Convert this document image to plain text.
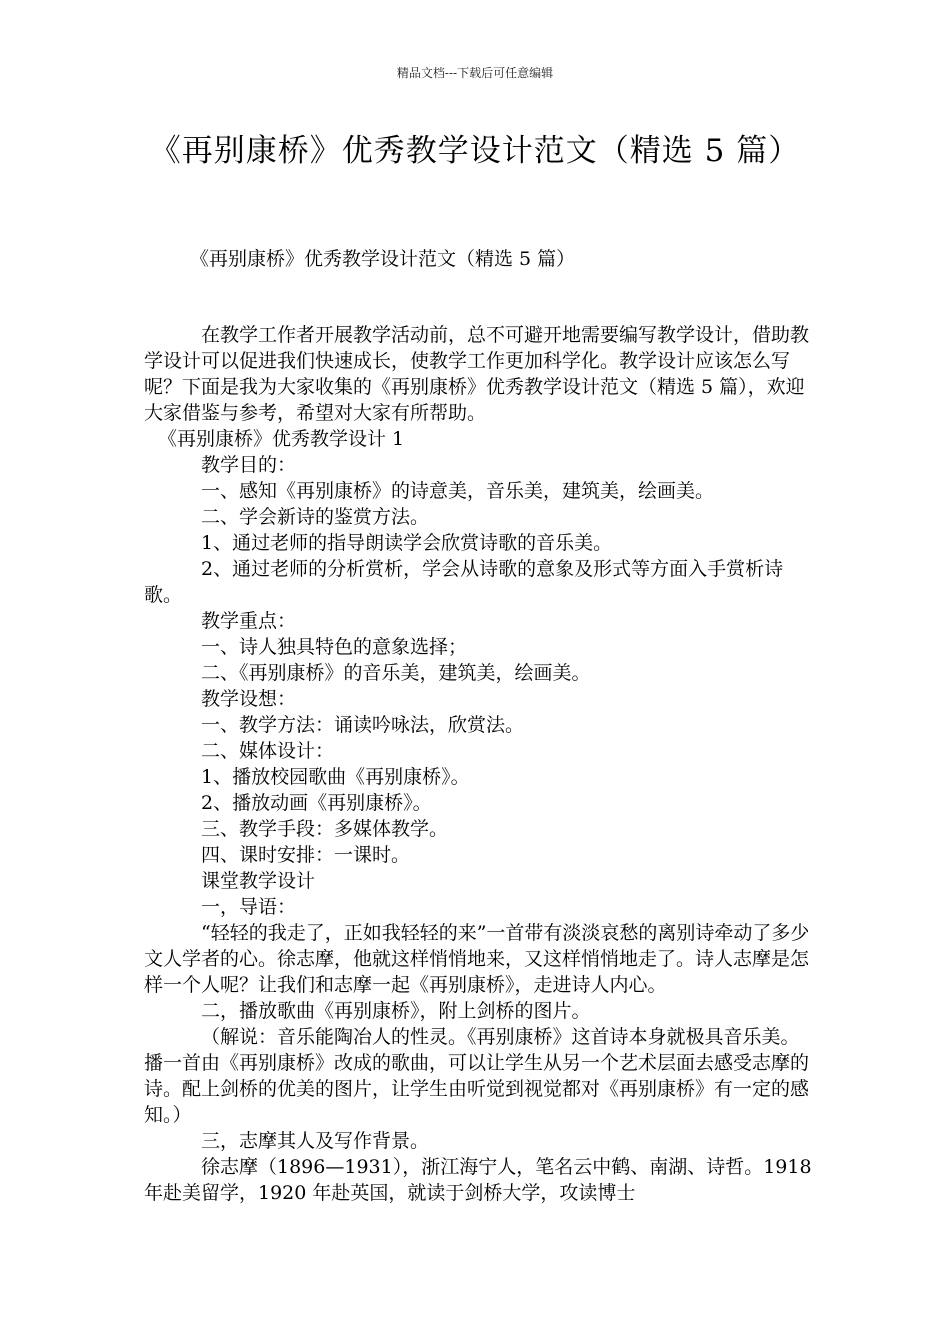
精品文档---下载后可任意编辑
《再别康桥》优秀教学设计范文（精选 5 篇）

《再别康桥》优秀教学设计范文（精选 5 篇）

在教学工作者开展教学活动前，总不可避开地需要编写教学设计，借助教学设计可以促进我们快速成长，使教学工作更加科学化。教学设计应该怎么写呢？下面是我为大家收集的《再别康桥》优秀教学设计范文（精选 5 篇），欢迎大家借鉴与参考，希望对大家有所帮助。

《再别康桥》优秀教学设计 1

教学目的：

一、感知《再别康桥》的诗意美，音乐美，建筑美，绘画美。

二、学会新诗的鉴赏方法。

1、通过老师的指导朗读学会欣赏诗歌的音乐美。

2、通过老师的分析赏析，学会从诗歌的意象及形式等方面入手赏析诗歌。

教学重点：

一、诗人独具特色的意象选择；

二、《再别康桥》的音乐美，建筑美，绘画美。

教学设想：

一、教学方法：诵读吟咏法，欣赏法。

二、媒体设计：

1、播放校园歌曲《再别康桥》。

2、播放动画《再别康桥》。

三、教学手段：多媒体教学。

四、课时安排：一课时。

课堂教学设计

一，导语：

“轻轻的我走了，正如我轻轻的来”一首带有淡淡哀愁的离别诗牵动了多少文人学者的心。徐志摩，他就这样悄悄地来，又这样悄悄地走了。诗人志摩是怎样一个人呢？让我们和志摩一起《再别康桥》，走进诗人内心。

二，播放歌曲《再别康桥》，附上剑桥的图片。

（解说：音乐能陶冶人的性灵。《再别康桥》这首诗本身就极具音乐美。播一首由《再别康桥》改成的歌曲，可以让学生从另一个艺术层面去感受志摩的诗。配上剑桥的优美的图片，让学生由听觉到视觉都对《再别康桥》有一定的感知。）

三，志摩其人及写作背景。

徐志摩（1896—1931），浙江海宁人，笔名云中鹤、南湖、诗哲。1918 年赴美留学，1920 年赴英国，就读于剑桥大学，攻读博士
